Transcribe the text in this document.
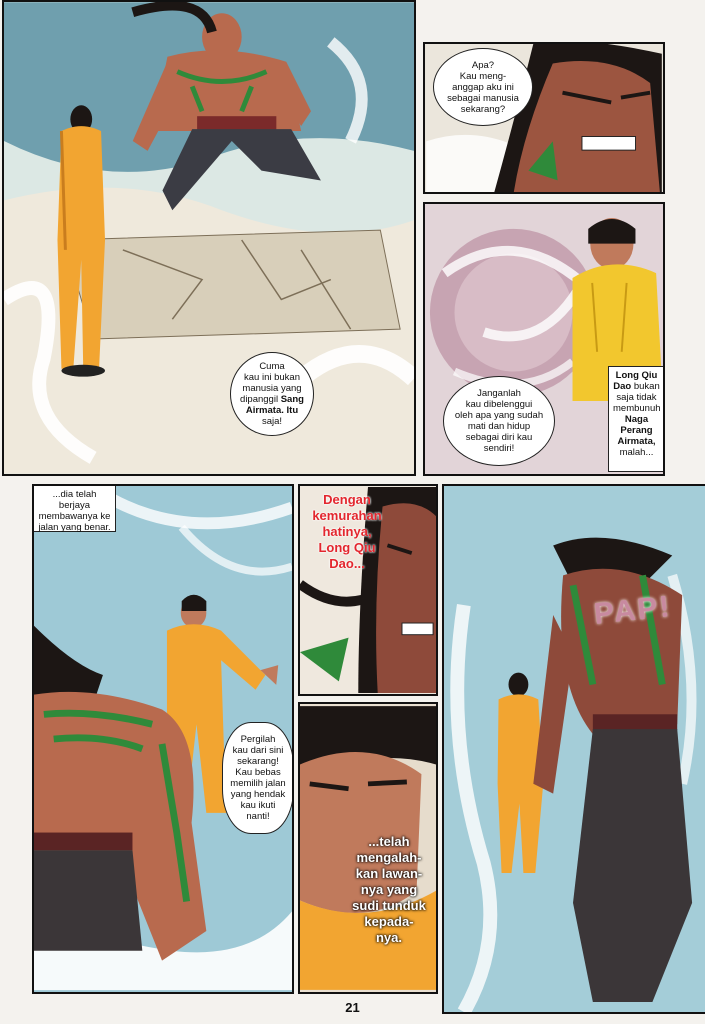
Cuma
kau ini bukan
manusia yang
dipanggil Sang
Airmata. Itu
saja!
Apa?
Kau meng-
anggap aku ini
sebagai manusia
sekarang?
Janganlah
kau dibelenggui
oleh apa yang sudah
mati dan hidup
sebagai diri kau
sendiri!
Long Qiu
Dao bukan
saja tidak
membunuh
Naga
Perang
Airmata,
malah...
...dia telah berjaya
membawanya ke
jalan yang benar.
Pergilah
kau dari sini
sekarang!
Kau bebas
memilih jalan
yang hendak
kau ikuti
nanti!
Dengan
kemurahan
hatinya,
Long Qiu
Dao...
...telah
mengalah-
kan lawan-
nya yang
sudi tunduk
kepada-
nya.
PAP!
21
